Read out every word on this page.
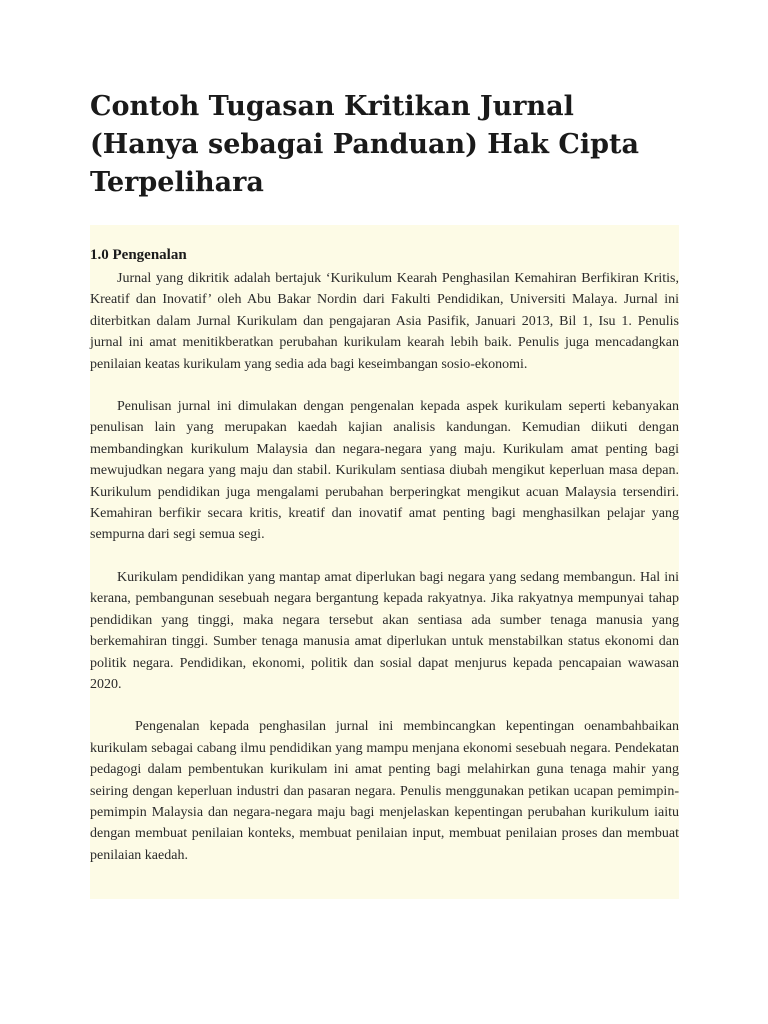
Contoh Tugasan Kritikan Jurnal (Hanya sebagai Panduan) Hak Cipta Terpelihara
1.0 Pengenalan

Jurnal yang dikritik adalah bertajuk ‘Kurikulum Kearah Penghasilan Kemahiran Berfikiran Kritis, Kreatif dan Inovatif’ oleh Abu Bakar Nordin dari Fakulti Pendidikan, Universiti Malaya. Jurnal ini diterbitkan dalam Jurnal Kurikulam dan pengajaran Asia Pasifik, Januari 2013, Bil 1, Isu 1. Penulis jurnal ini amat menitikberatkan perubahan kurikulam kearah lebih baik. Penulis juga mencadangkan penilaian keatas kurikulam yang sedia ada bagi keseimbangan sosio-ekonomi.

Penulisan jurnal ini dimulakan dengan pengenalan kepada aspek kurikulam seperti kebanyakan penulisan lain yang merupakan kaedah kajian analisis kandungan. Kemudian diikuti dengan membandingkan kurikulum Malaysia dan negara-negara yang maju. Kurikulam amat penting bagi mewujudkan negara yang maju dan stabil. Kurikulam sentiasa diubah mengikut keperluan masa depan. Kurikulum pendidikan juga mengalami perubahan berperingkat mengikut acuan Malaysia tersendiri. Kemahiran berfikir secara kritis, kreatif dan inovatif amat penting bagi menghasilkan pelajar yang sempurna dari segi semua segi.

Kurikulam pendidikan yang mantap amat diperlukan bagi negara yang sedang membangun. Hal ini kerana, pembangunan sesebuah negara bergantung kepada rakyatnya. Jika rakyatnya mempunyai tahap pendidikan yang tinggi, maka negara tersebut akan sentiasa ada sumber tenaga manusia yang berkemahiran tinggi. Sumber tenaga manusia amat diperlukan untuk menstabilkan status ekonomi dan politik negara. Pendidikan, ekonomi, politik dan sosial dapat menjurus kepada pencapaian wawasan 2020.

Pengenalan kepada penghasilan jurnal ini membincangkan kepentingan oenambahbaikan kurikulam sebagai cabang ilmu pendidikan yang mampu menjana ekonomi sesebuah negara. Pendekatan pedagogi dalam pembentukan kurikulam ini amat penting bagi melahirkan guna tenaga mahir yang seiring dengan keperluan industri dan pasaran negara. Penulis menggunakan petikan ucapan pemimpin-pemimpin Malaysia dan negara-negara maju bagi menjelaskan kepentingan perubahan kurikulum iaitu dengan membuat penilaian konteks, membuat penilaian input, membuat penilaian proses dan membuat penilaian kaedah.
